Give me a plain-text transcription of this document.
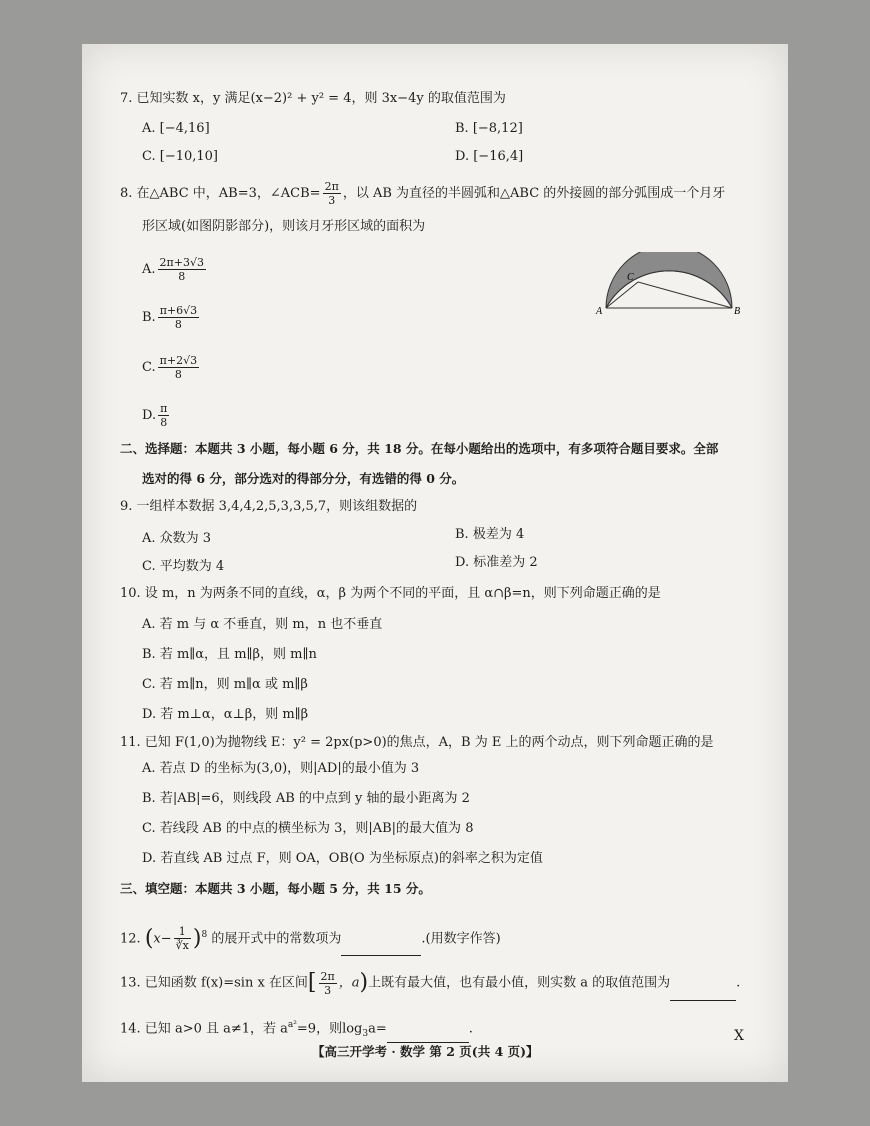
7. 已知实数 x，y 满足(x−2)² + y² = 4，则 3x−4y 的取值范围为
A. [−4,16]	B. [−8,12]
C. [−10,10]	D. [−16,4]
8. 在△ABC 中，AB=3，∠ACB= $\frac{2\pi}{3}$ ，以 AB 为直径的半圆弧和△ABC 的外接圆的部分弧围成一个月牙
形区域(如图阴影部分)，则该月牙形区域的面积为
A. $\frac{2\pi+3√3}{8}$
B. $\frac{\pi+6√3}{8}$
C. $\frac{\pi+2√3}{8}$
D. $\frac{\pi}{8}$
A	B
C
二、选择题：本题共 3 小题，每小题 6 分，共 18 分。在每小题给出的选项中，有多项符合题目要求。全部
选对的得 6 分，部分选对的得部分分，有选错的得 0 分。
9. 一组样本数据 3,4,4,2,5,3,3,5,7，则该组数据的
A. 众数为 3	B. 极差为 4
C. 平均数为 4	D. 标准差为 2
10. 设 m，n 为两条不同的直线，α，β 为两个不同的平面，且 α∩β=n，则下列命题正确的是
A. 若 m 与 α 不垂直，则 m，n 也不垂直
B. 若 m∥α，且 m∥β，则 m∥n
C. 若 m∥n，则 m∥α 或 m∥β
D. 若 m⊥α，α⊥β，则 m∥β
11. 已知 F(1,0)为抛物线 E：y² = 2px(p>0)的焦点，A，B 为 E 上的两个动点，则下列命题正确的是
A. 若点 D 的坐标为(3,0)，则|AD|的最小值为 3
B. 若|AB|=6，则线段 AB 的中点到 y 轴的最小距离为 2
C. 若线段 AB 的中点的横坐标为 3，则|AB|的最大值为 8
D. 若直线 AB 过点 F，则 OA，OB(O 为坐标原点)的斜率之积为定值
三、填空题：本题共 3 小题，每小题 5 分，共 15 分。
12. $(x- \frac{1}{∛x} )^8$ 的展开式中的常数项为	.(用数字作答)
13. 已知函数 f(x)=sin x 在区间[ $\frac{2\pi}{3}$ ，a)上既有最大值，也有最小值，则实数 a 的取值范围为	.
14. 已知 a>0 且 a≠1，若 $a^{a^2}=9$，则$\log_3a=$	.
【高三开学考 · 数学 第 2 页(共 4 页)】
X
